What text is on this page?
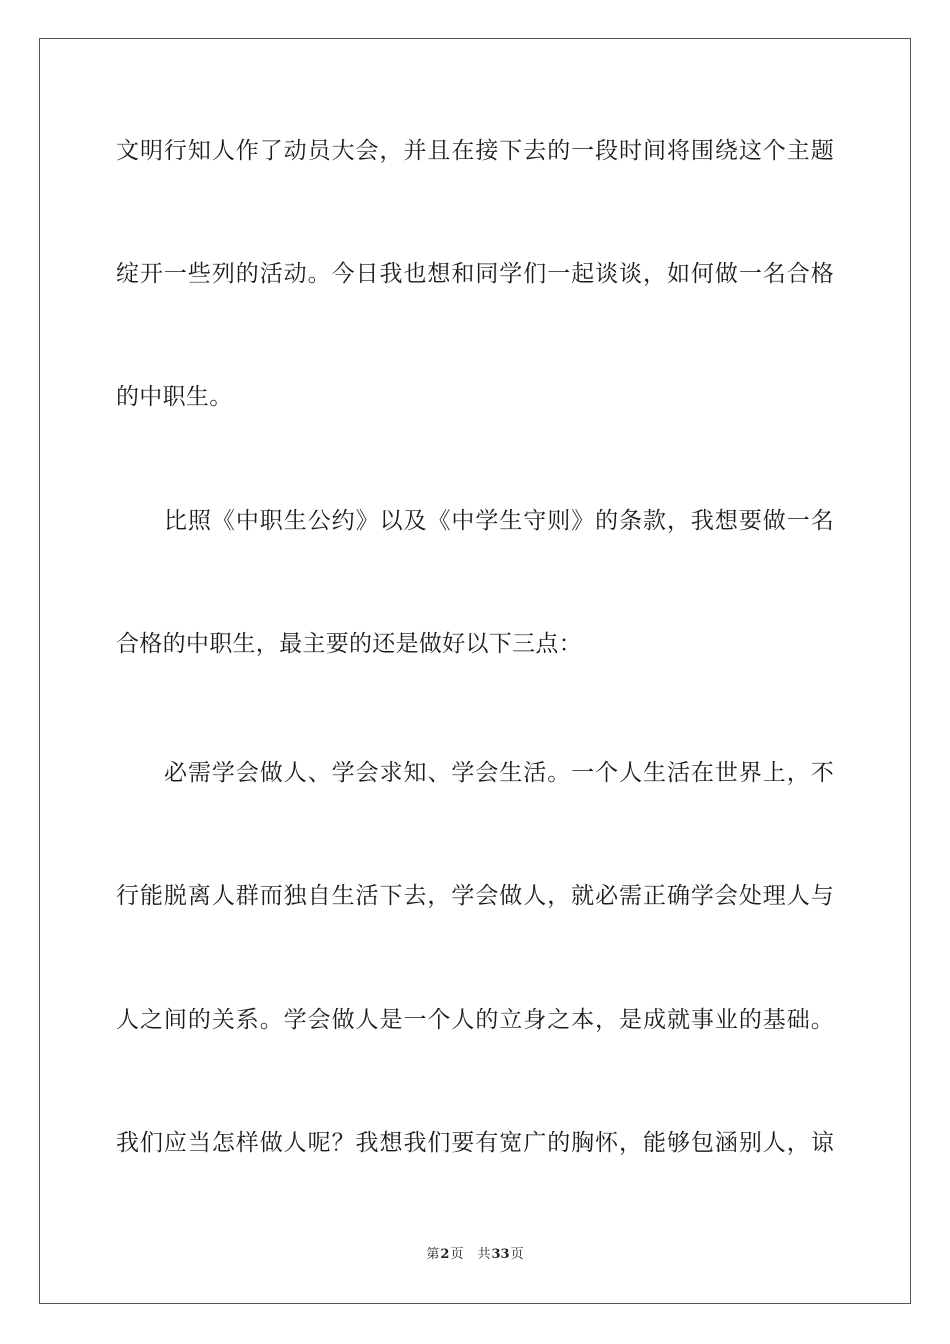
文明行知人作了动员大会，并且在接下去的一段时间将围绕这个主题
绽开一些列的活动。今日我也想和同学们一起谈谈，如何做一名合格
的中职生。
比照《中职生公约》以及《中学生守则》的条款，我想要做一名
合格的中职生，最主要的还是做好以下三点：
必需学会做人、学会求知、学会生活。一个人生活在世界上，不
行能脱离人群而独自生活下去，学会做人，就必需正确学会处理人与
人之间的关系。学会做人是一个人的立身之本，是成就事业的基础。
我们应当怎样做人呢？我想我们要有宽广的胸怀，能够包涵别人，谅
第2页 共33页
